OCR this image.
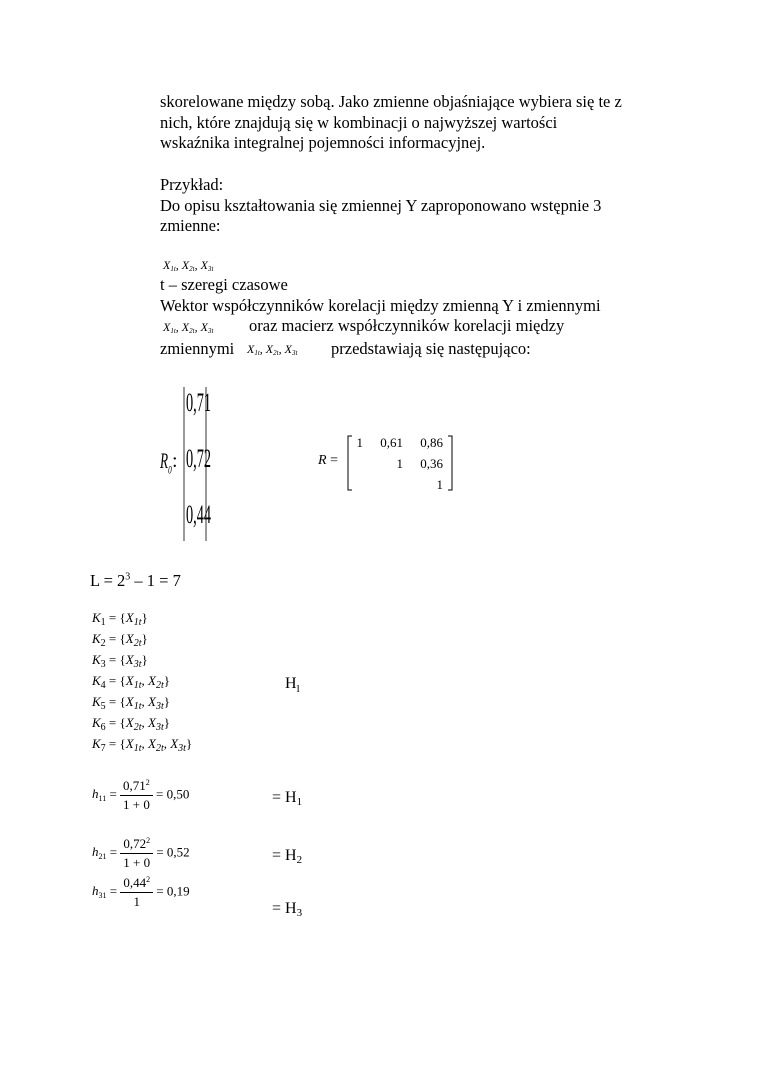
skorelowane między sobą. Jako zmienne objaśniające wybiera się te z
nich, które znajdują się w kombinacji o najwyższej wartości
wskaźnika integralnej pojemności informacyjnej.
Przykład:
Do opisu kształtowania się zmiennej Y zaproponowano wstępnie 3
zmienne:
$X_{1t}$, $X_{2t}$, $X_{3t}$
t – szeregi czasowe
Wektor współczynników korelacji między zmienną Y i zmiennymi
$X_{1t}$, $X_{2t}$, $X_{3t}$ oraz macierz współczynników korelacji między
zmiennymi $X_{1t}$, $X_{2t}$, $X_{3t}$ przedstawiają się następująco:
$R_0$ :
0,71
0,72
0,44
R =
1	0,61	0,86
	1	0,36
		1
$L = 2^3 - 1 = 7$
$K_1 = \{X_{1t}\}$
$K_2 = \{X_{2t}\}$
$K_3 = \{X_{3t}\}$
$K_4 = \{X_{1t}$, $X_{2t}$}
$K_5 = \{X_{1t}$, $X_{3t}$}
$K_6 = \{X_{2t}$, $X_{3t}$}
$K_7 = \{X_{1t}$, $X_{2t}$, $X_{3t}$}
$H_l$
$h_{11} = \frac{0,71^2}{1 + 0} = 0,50$	= $H_1$
$h_{21} = \frac{0,72^2}{1 + 0} = 0,52$	= $H_2$
$h_{31} = \frac{0,44^2}{1} = 0,19$
= $H_3$
